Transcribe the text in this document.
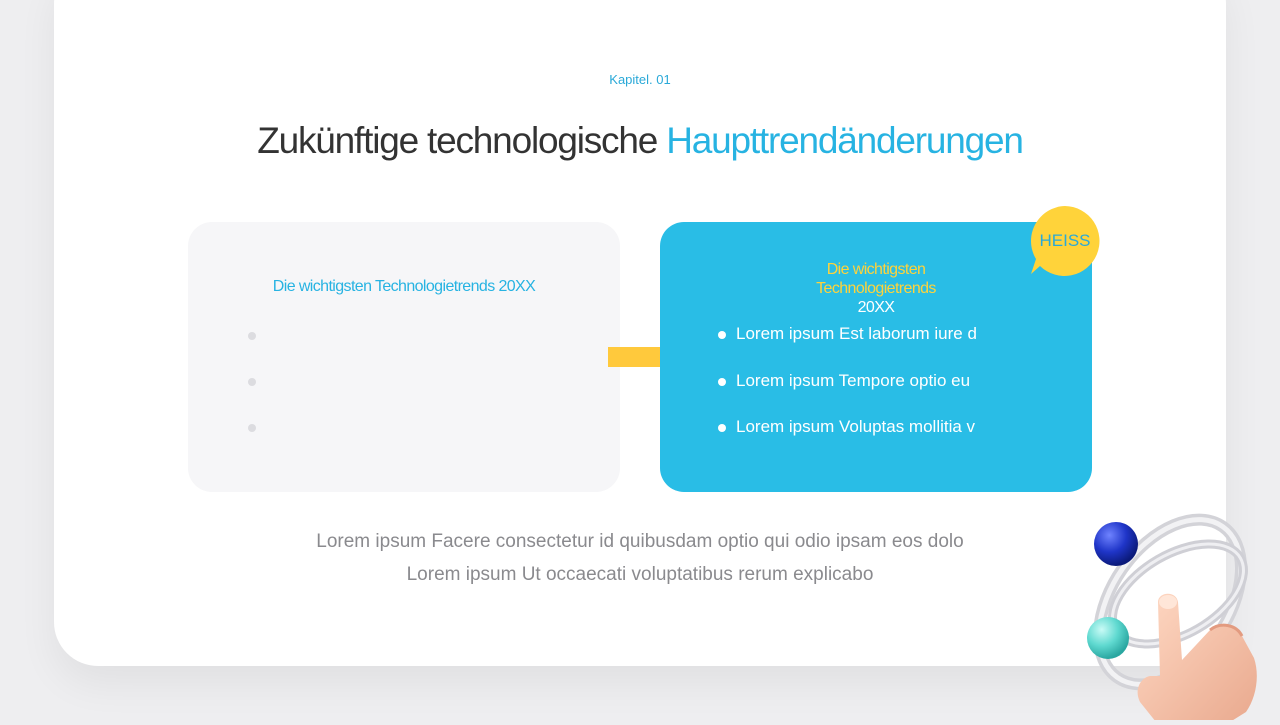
Kapitel. 01
Zukünftige technologische Haupttrendänderungen
Die wichtigsten Technologietrends 20XX
Die wichtigsten
Technologietrends
20XX
Lorem ipsum Est laborum iure d
Lorem ipsum Tempore optio eu
Lorem ipsum Voluptas mollitia v
HEISS
Lorem ipsum Facere consectetur id quibusdam optio qui odio ipsam eos dolo
Lorem ipsum Ut occaecati voluptatibus rerum explicabo
